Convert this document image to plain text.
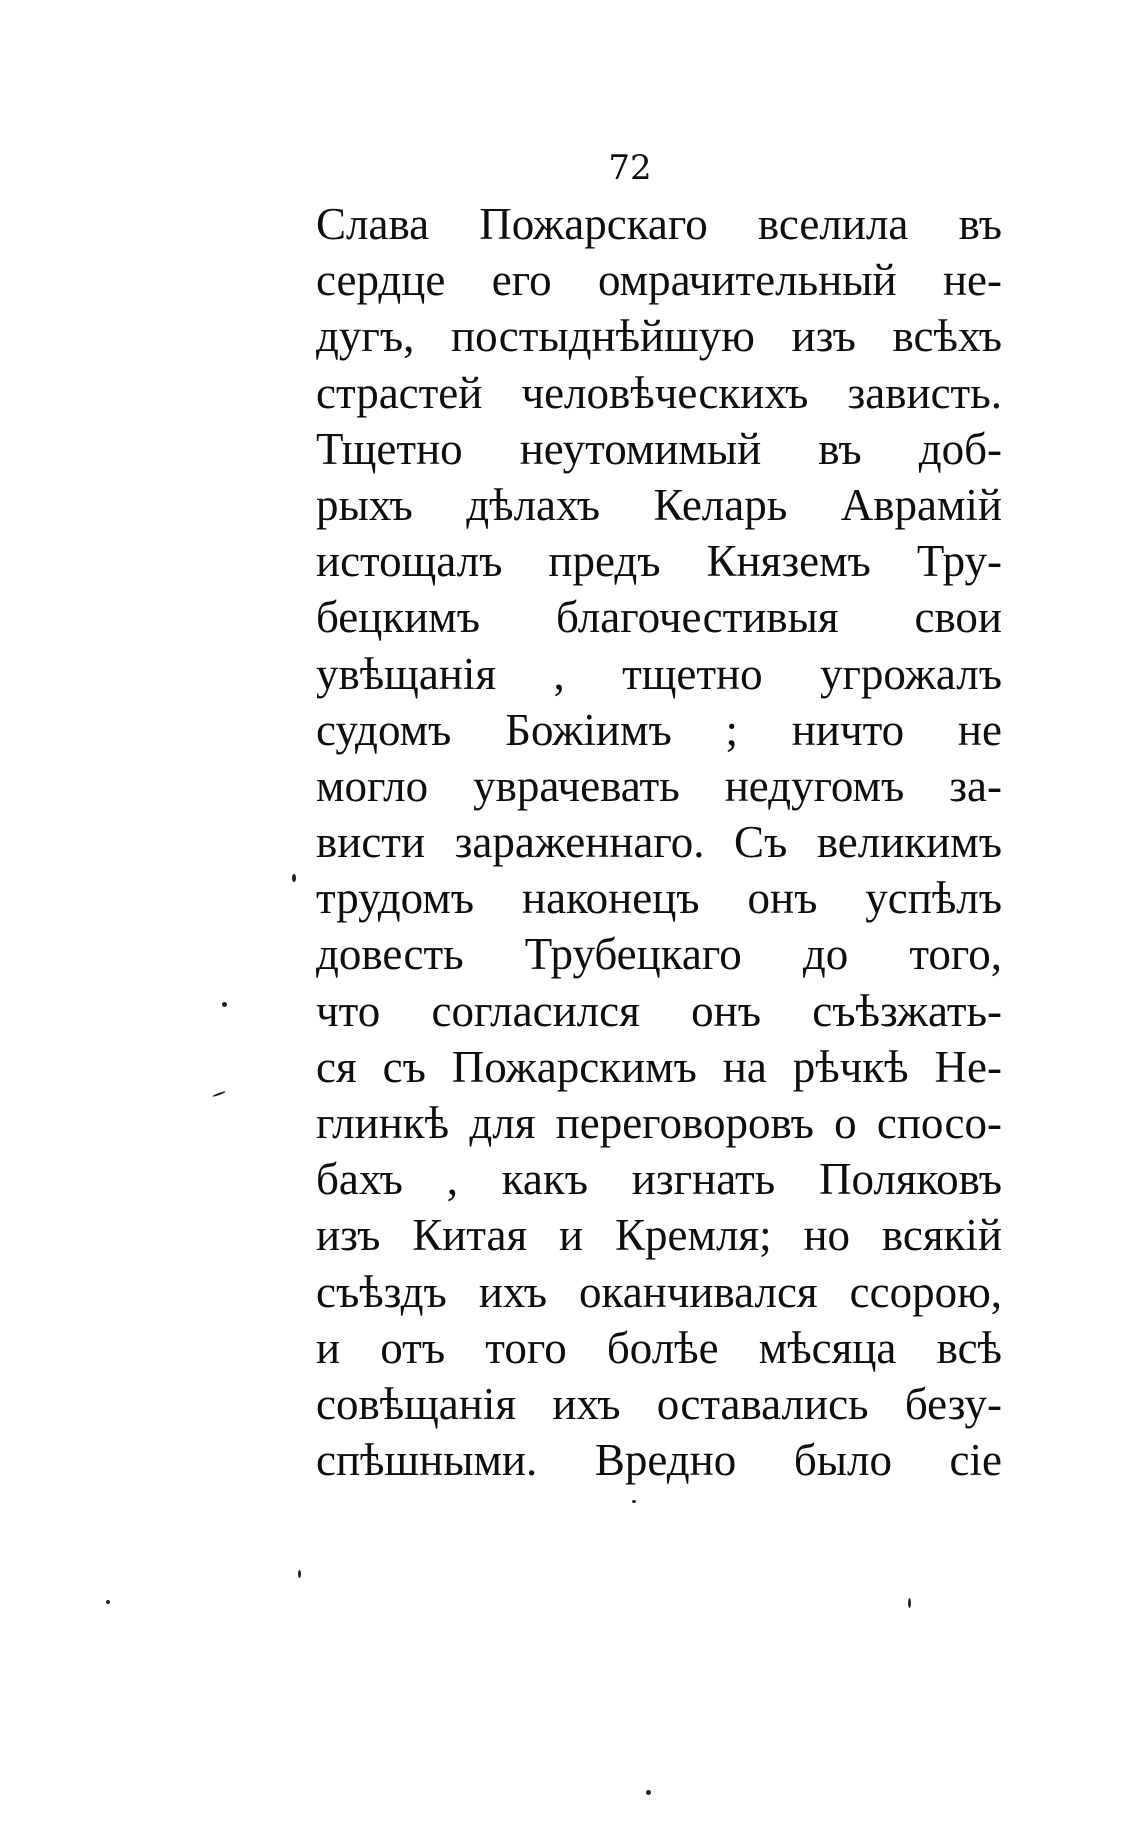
72
Слава Пожарскаго вселила въ
сердце его омрачительный не-
дугъ, постыднѣйшую изъ всѣхъ
страстей человѣческихъ зависть.
Тщетно неутомимый въ доб-
рыхъ дѣлахъ Келарь Аврамій
истощалъ предъ Княземъ Тру-
бецкимъ благочестивыя свои
увѣщанія , тщетно угрожалъ
судомъ Божіимъ ; ничто не
могло уврачевать недугомъ за-
висти зараженнаго. Съ великимъ
трудомъ наконецъ онъ успѣлъ
довесть Трубецкаго до того,
что согласился онъ съѣзжать-
ся съ Пожарскимъ на рѣчкѣ Не-
глинкѣ для переговоровъ о спосо-
бахъ , какъ изгнать Поляковъ
изъ Китая и Кремля; но всякій
съѣздъ ихъ оканчивался ссорою,
и отъ того болѣе мѣсяца всѣ
совѣщанія ихъ оставались безу-
спѣшными. Вредно было сіе
